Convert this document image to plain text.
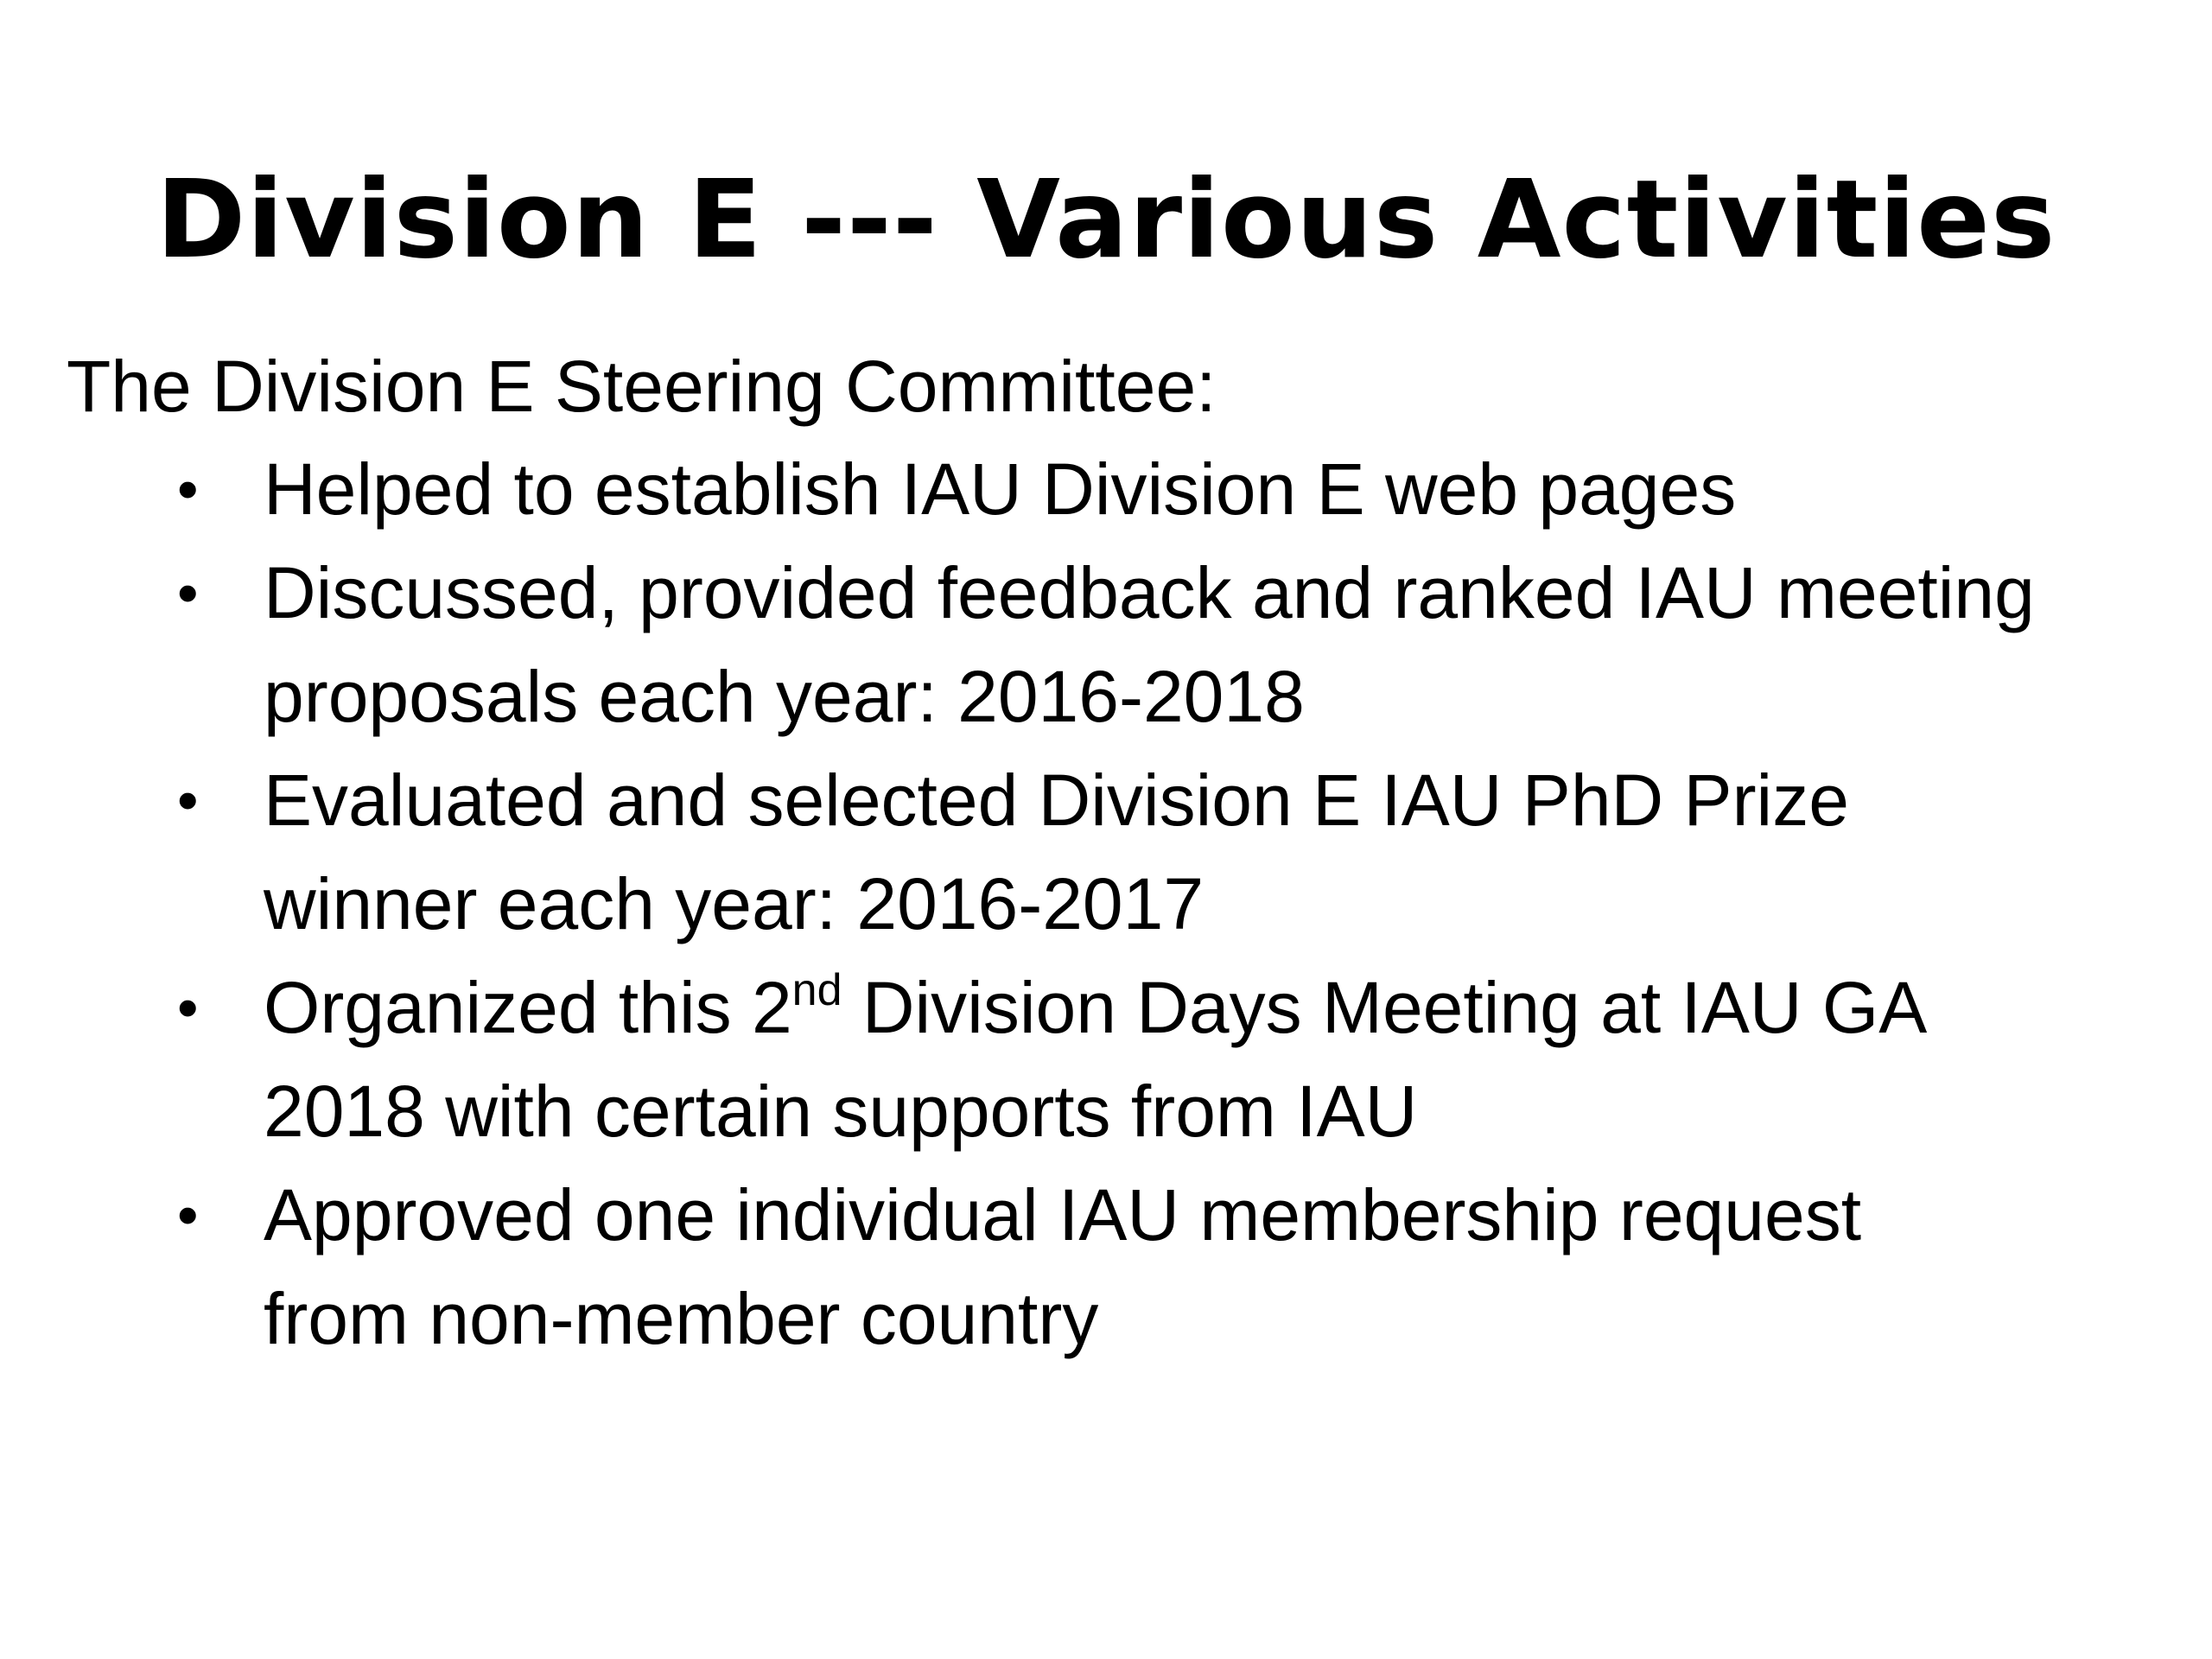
Division E --- Various Activities
The Division E Steering Committee:
• Helped to establish IAU Division E web pages
• Discussed, provided feedback and ranked IAU meeting
proposals each year: 2016-2018
• Evaluated and selected Division E IAU PhD Prize
winner each year: 2016-2017
• Organized this 2nd Division Days Meeting at IAU GA
2018 with certain supports from IAU
• Approved one individual IAU membership request
from non-member country
